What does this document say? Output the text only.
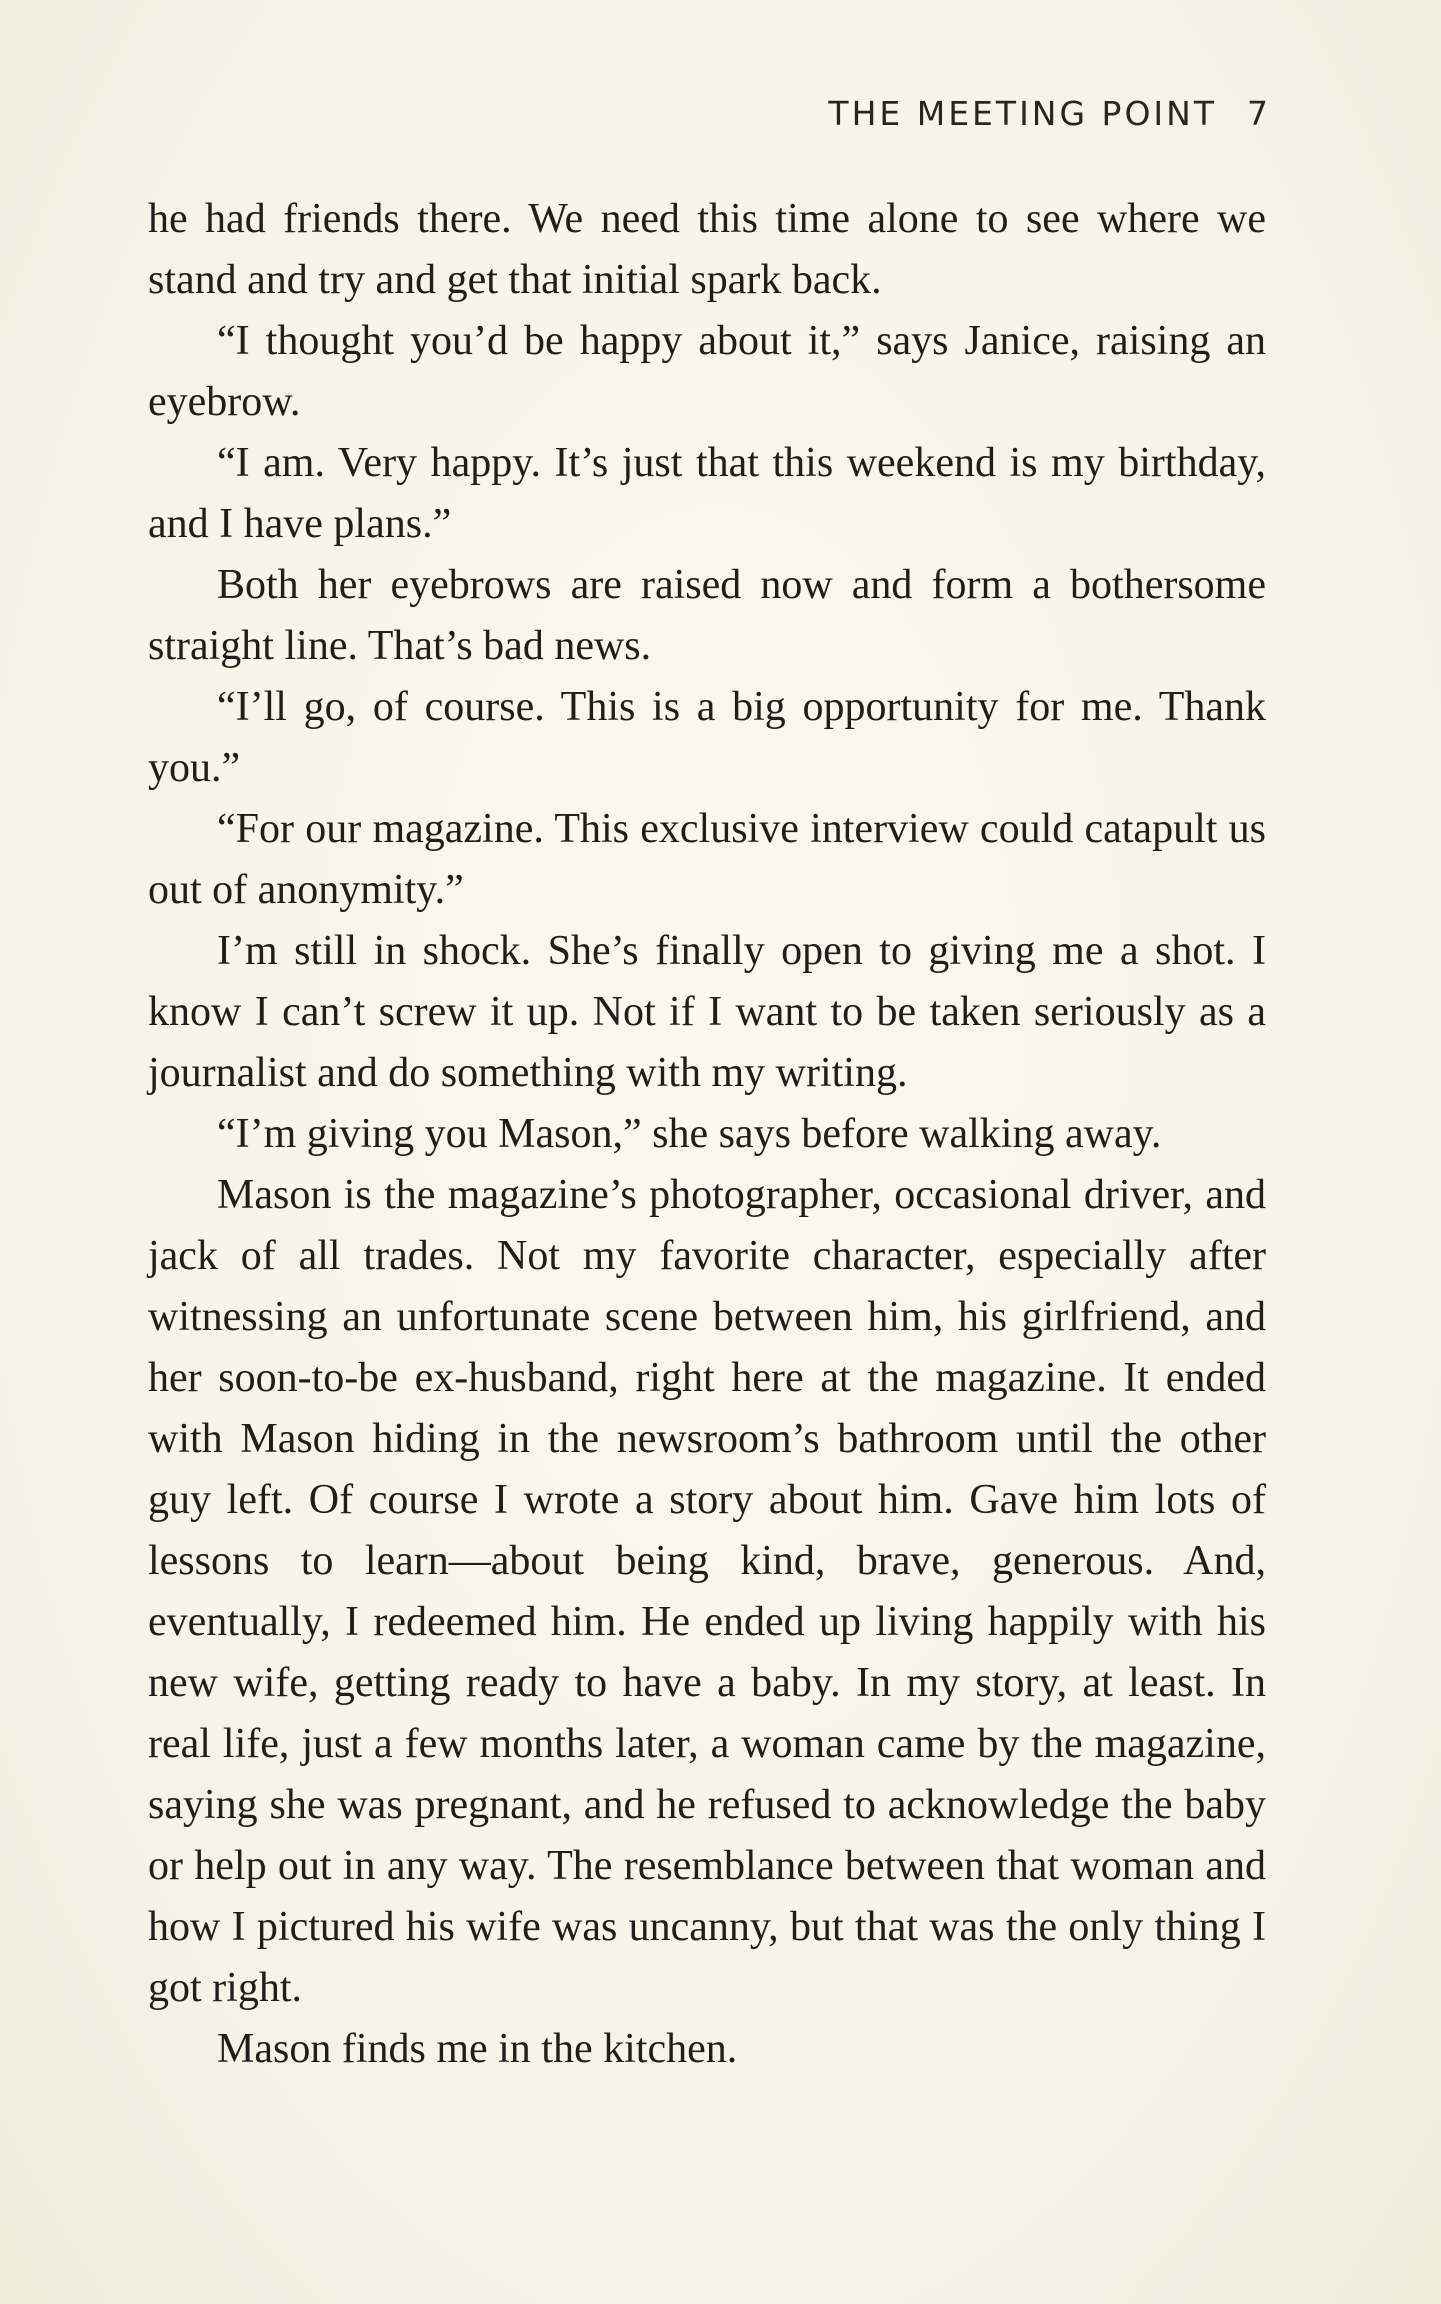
THE MEETING POINT 7

he had friends there. We need this time alone to see where we stand and try and get that initial spark back.

“I thought you’d be happy about it,” says Janice, raising an eyebrow.

“I am. Very happy. It’s just that this weekend is my birthday, and I have plans.”

Both her eyebrows are raised now and form a bothersome straight line. That’s bad news.

“I’ll go, of course. This is a big opportunity for me. Thank you.”

“For our magazine. This exclusive interview could catapult us out of anonymity.”

I’m still in shock. She’s finally open to giving me a shot. I know I can’t screw it up. Not if I want to be taken seriously as a journalist and do something with my writing.

“I’m giving you Mason,” she says before walking away.

Mason is the magazine’s photographer, occasional driver, and jack of all trades. Not my favorite character, especially after witnessing an unfortunate scene between him, his girlfriend, and her soon-to-be ex-husband, right here at the magazine. It ended with Mason hiding in the newsroom’s bathroom until the other guy left. Of course I wrote a story about him. Gave him lots of lessons to learn—about being kind, brave, generous. And, eventually, I redeemed him. He ended up living happily with his new wife, getting ready to have a baby. In my story, at least. In real life, just a few months later, a woman came by the magazine, saying she was pregnant, and he refused to acknowledge the baby or help out in any way. The resemblance between that woman and how I pictured his wife was uncanny, but that was the only thing I got right.

Mason finds me in the kitchen.
